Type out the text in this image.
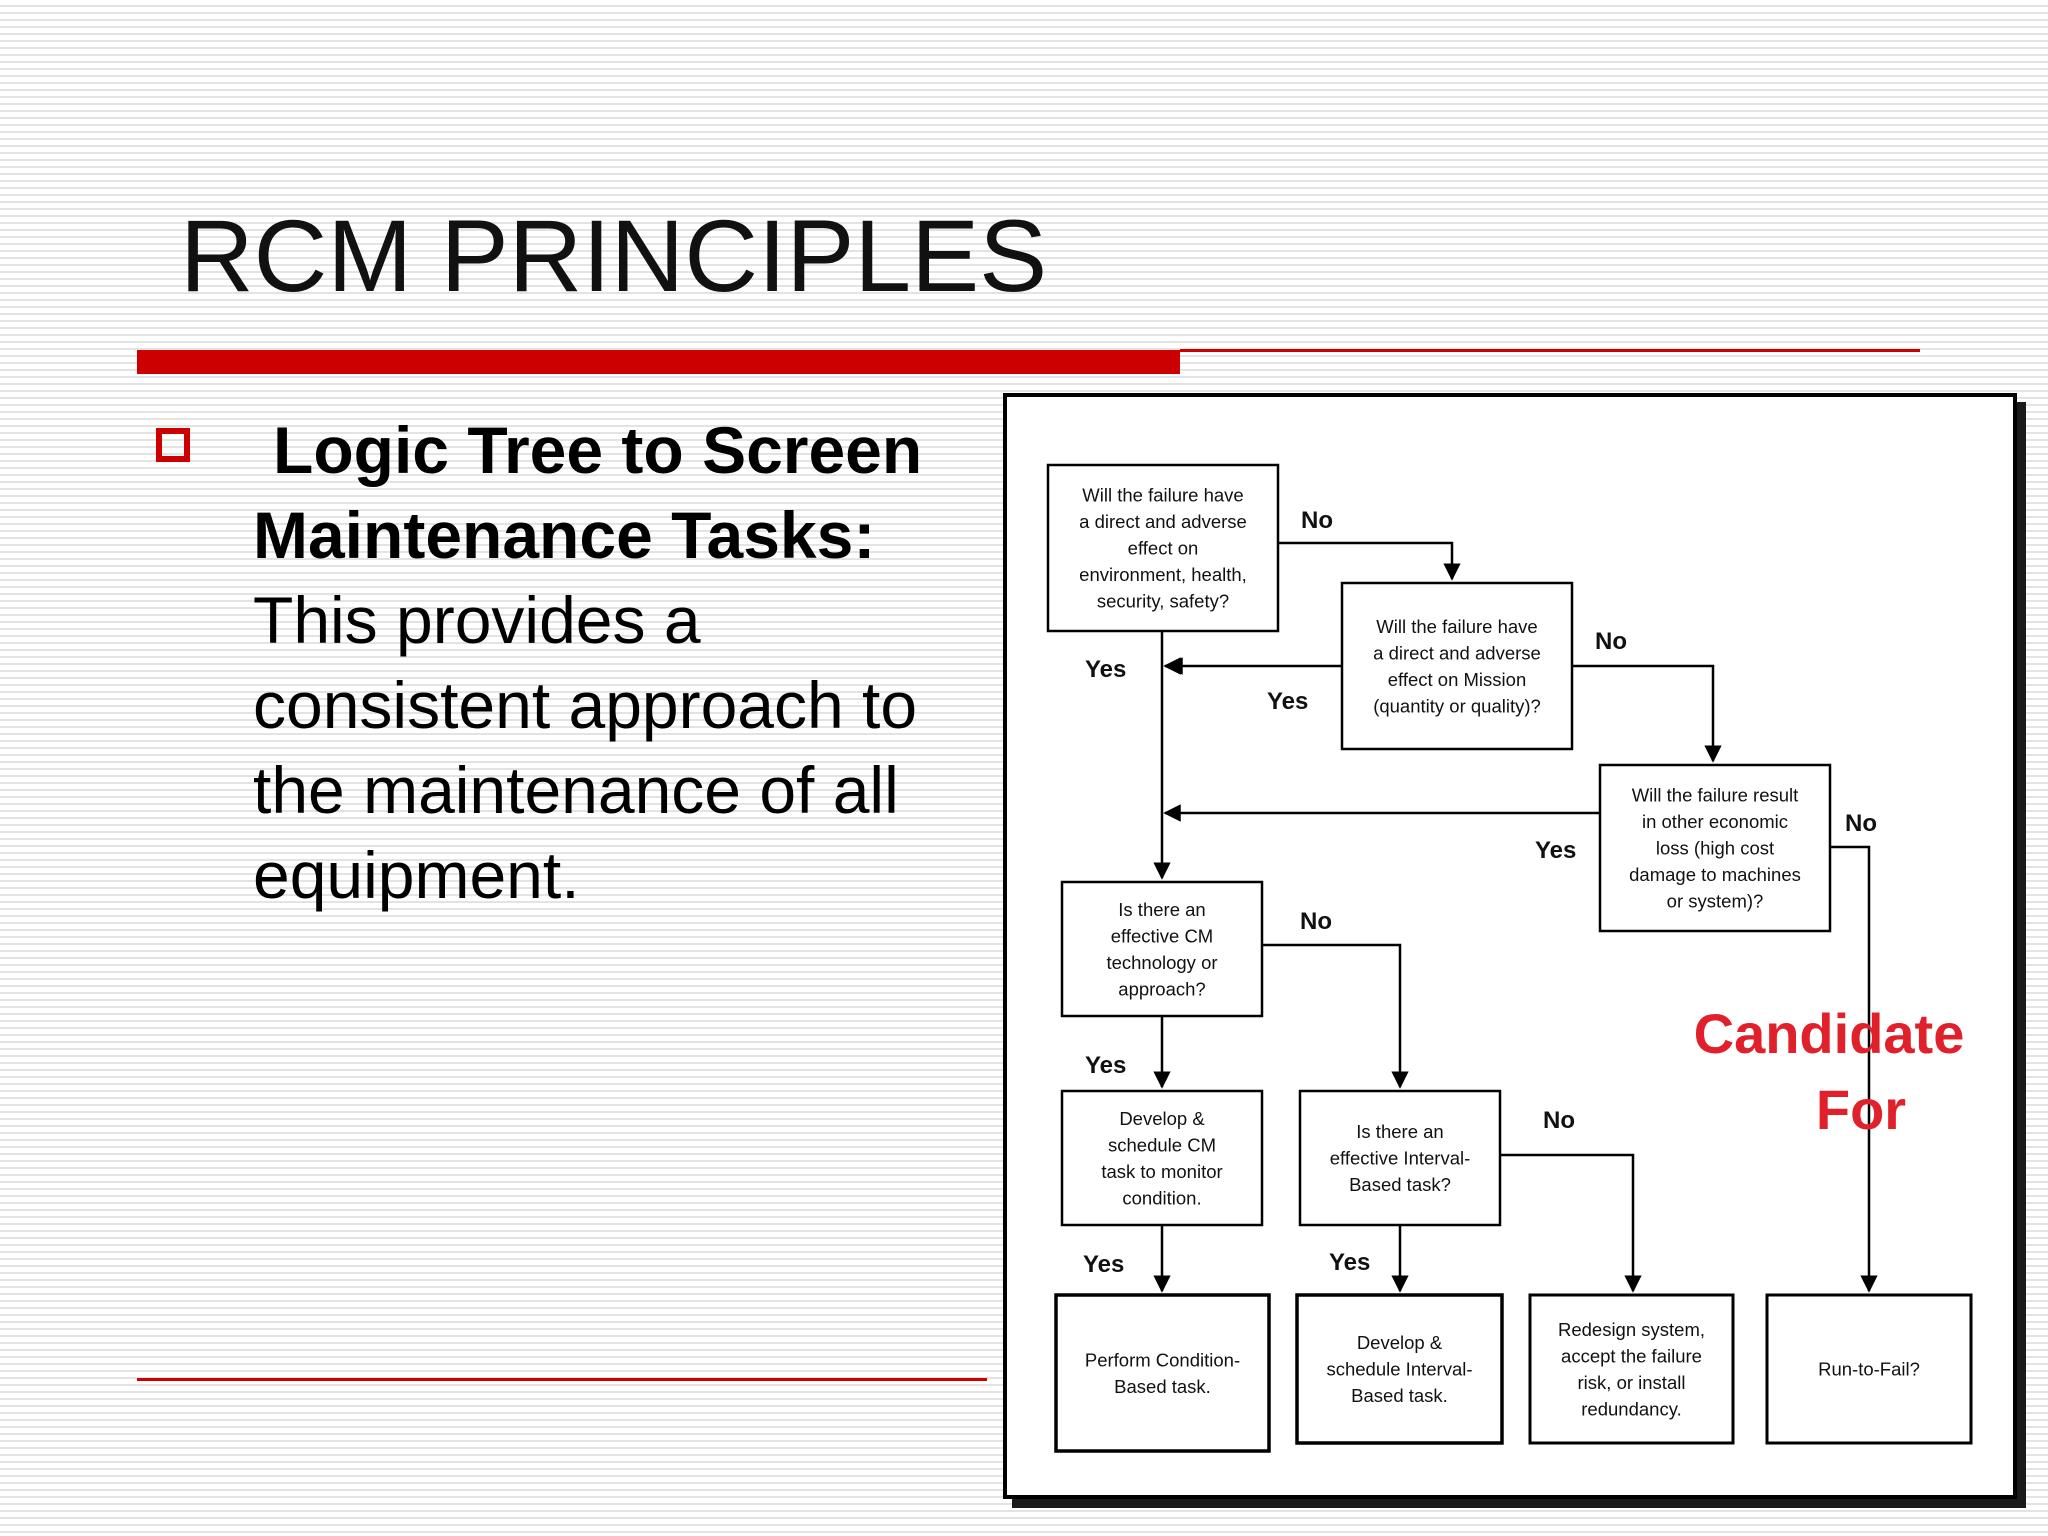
RCM PRINCIPLES
Logic Tree to Screen
Maintenance Tasks:
This provides a
consistent approach to
the maintenance of all
equipment.
Will the failure have
a direct and adverse
effect on
environment, health,
security, safety?
Will the failure have
a direct and adverse
effect on Mission
(quantity or quality)?
Will the failure result
in other economic
loss (high cost
damage to machines
or system)?
Is there an
effective CM
technology or
approach?
Develop &
schedule CM
task to monitor
condition.
Is there an
effective Interval-
Based task?
Perform Condition-
Based task.
Develop &
schedule Interval-
Based task.
Redesign system,
accept the failure
risk, or install
redundancy.
Run-to-Fail?
No
Yes
Yes
No
Yes
No
No
Yes
No
Yes	Yes
Candidate
For
